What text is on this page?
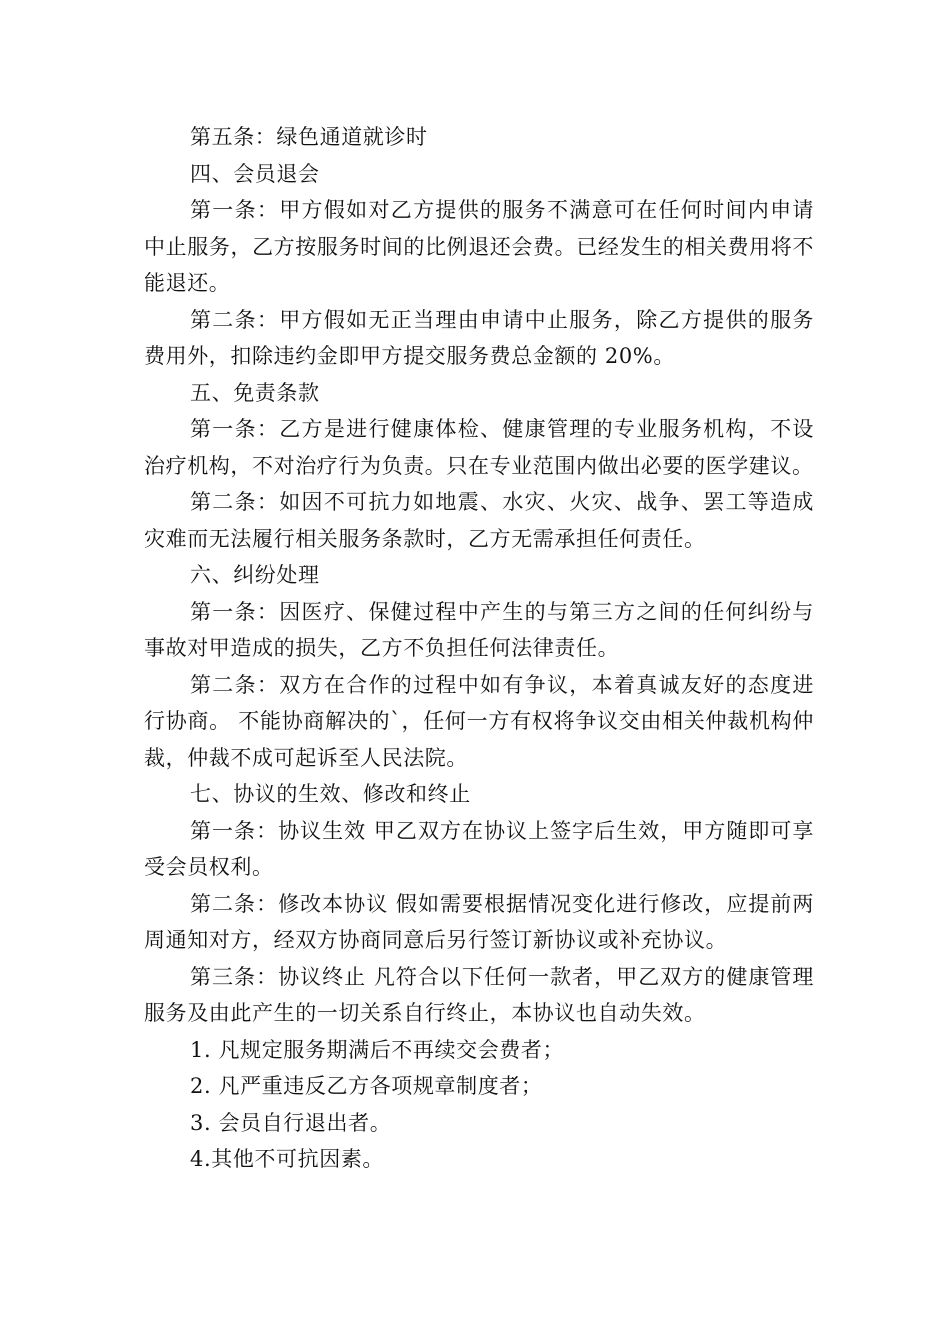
第五条：绿色通道就诊时

四、会员退会

第一条：甲方假如对乙方提供的服务不满意可在任何时间内申请中止服务，乙方按服务时间的比例退还会费。已经发生的相关费用将不能退还。

第二条：甲方假如无正当理由申请中止服务，除乙方提供的服务费用外，扣除违约金即甲方提交服务费总金额的 20%。

五、免责条款

第一条：乙方是进行健康体检、健康管理的专业服务机构，不设治疗机构，不对治疗行为负责。只在专业范围内做出必要的医学建议。

第二条：如因不可抗力如地震、水灾、火灾、战争、罢工等造成灾难而无法履行相关服务条款时，乙方无需承担任何责任。

六、纠纷处理

第一条：因医疗、保健过程中产生的与第三方之间的任何纠纷与事故对甲造成的损失，乙方不负担任何法律责任。

第二条：双方在合作的过程中如有争议，本着真诚友好的态度进行协商。 不能协商解决的`，任何一方有权将争议交由相关仲裁机构仲裁，仲裁不成可起诉至人民法院。

七、协议的生效、修改和终止

第一条：协议生效 甲乙双方在协议上签字后生效，甲方随即可享受会员权利。

第二条：修改本协议 假如需要根据情况变化进行修改，应提前两周通知对方，经双方协商同意后另行签订新协议或补充协议。

第三条：协议终止 凡符合以下任何一款者，甲乙双方的健康管理服务及由此产生的一切关系自行终止，本协议也自动失效。

1. 凡规定服务期满后不再续交会费者；

2. 凡严重违反乙方各项规章制度者；

3. 会员自行退出者。

4.其他不可抗因素。
